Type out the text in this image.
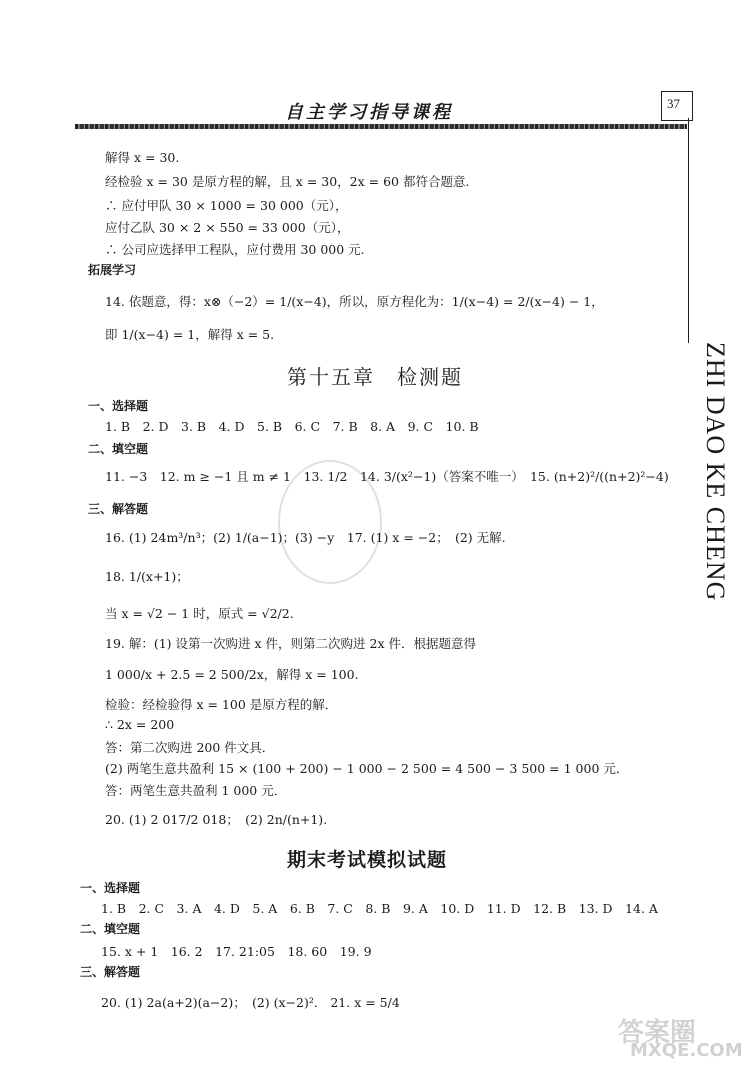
自主学习指导课程	37
ZHI DAO KE CHENG
解得 x = 30.
经检验 x = 30 是原方程的解，且 x = 30，2x = 60 都符合题意.
∴ 应付甲队 30 × 1000 = 30 000（元），
应付乙队 30 × 2 × 550 = 33 000（元），
∴ 公司应选择甲工程队，应付费用 30 000 元.
拓展学习
14. 依题意，得：x⊗（−2）= 1/(x−4)，所以，原方程化为：1/(x−4) = 2/(x−4) − 1，
即 1/(x−4) = 1，解得 x = 5.
第十五章　检测题
一、选择题
1. B　2. D　3. B　4. D　5. B　6. C　7. B　8. A　9. C　10. B
二、填空题
11. −3　12. m ≥ −1 且 m ≠ 1　13. 1/2　14. 3/(x²−1)（答案不唯一）　15. (n+2)²/((n+2)²−4)
三、解答题
16. (1) 24m³/n³；(2) 1/(a−1)；(3) −y　17. (1) x = −2；　(2) 无解.
18. 1/(x+1)；
当 x = √2 − 1 时，原式 = √2/2.
19. 解：(1) 设第一次购进 x 件，则第二次购进 2x 件．根据题意得
1 000/x + 2.5 = 2 500/2x，解得 x = 100.
检验：经检验得 x = 100 是原方程的解．
∴ 2x = 200
答：第二次购进 200 件文具．
(2) 两笔生意共盈利 15 × (100 + 200) − 1 000 − 2 500 = 4 500 − 3 500 = 1 000 元．
答：两笔生意共盈利 1 000 元．
20. (1) 2 017/2 018；　(2) 2n/(n+1).
期末考试模拟试题
一、选择题
1. B　2. C　3. A　4. D　5. A　6. B　7. C　8. B　9. A　10. D　11. D　12. B　13. D　14. A
二、填空题
15. x + 1　16. 2　17. 21:05　18. 60　19. 9
三、解答题
20. (1) 2a(a+2)(a−2)；　(2) (x−2)².　21. x = 5/4
答案圈
MXQE.COM
